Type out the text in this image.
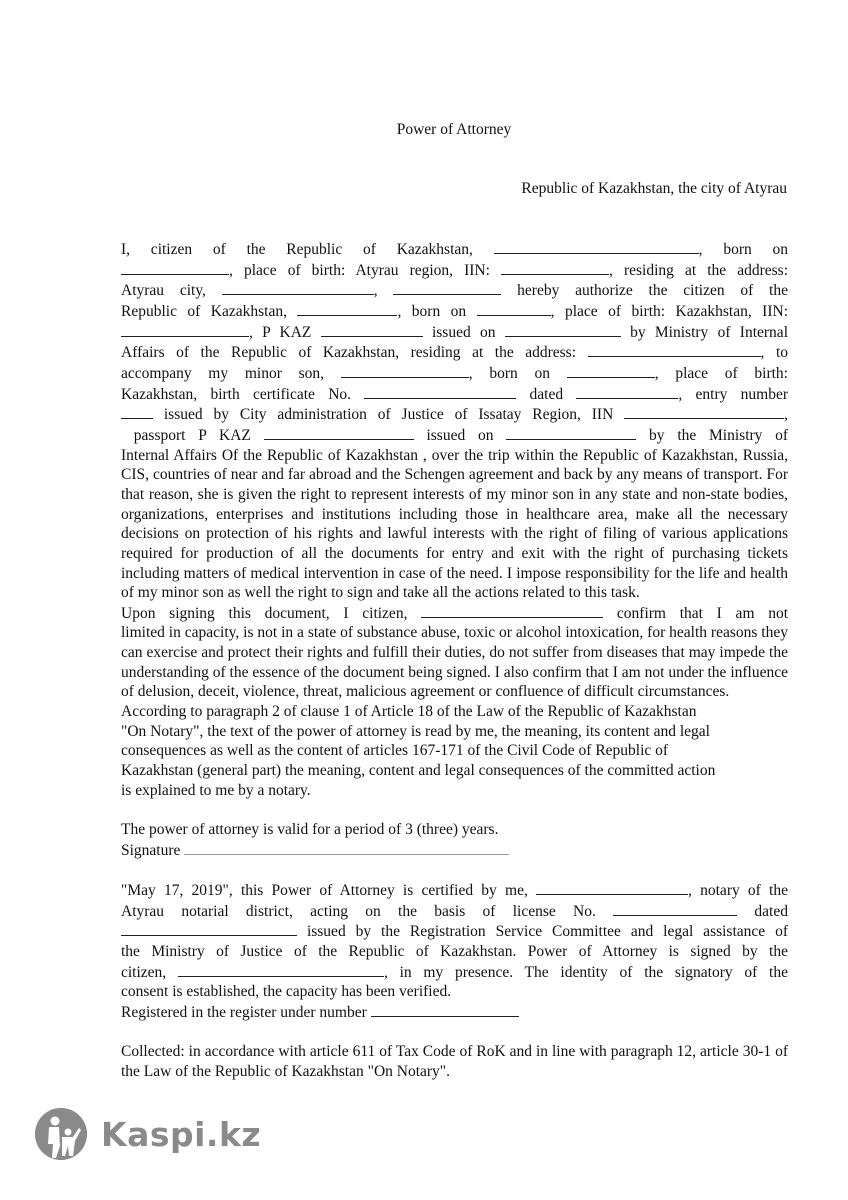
Power of Attorney
Republic of Kazakhstan, the city of Atyrau
I, citizen of the Republic of Kazakhstan,	, born on
, place of birth: Atyrau region, IIN:	, residing at the address:
Atyrau city,	,	hereby authorize the citizen of the
Republic of Kazakhstan,	, born on	, place of birth: Kazakhstan, IIN:
, P KAZ	issued on	by Ministry of Internal
Affairs of the Republic of Kazakhstan, residing at the address:	, to
accompany my minor son,	, born on	, place of birth:
Kazakhstan, birth certificate No.	dated	, entry number
issued by City administration of Justice of Issatay Region, IIN	,
passport P KAZ	issued on	by the Ministry of
Internal Affairs Of the Republic of Kazakhstan , over the trip within the Republic of Kazakhstan, Russia, CIS, countries of near and far abroad and the Schengen agreement and back by any means of transport. For that reason, she is given the right to represent interests of my minor son in any state and non-state bodies, organizations, enterprises and institutions including those in healthcare area, make all the necessary decisions on protection of his rights and lawful interests with the right of filing of various applications required for production of all the documents for entry and exit with the right of purchasing tickets including matters of medical intervention in case of the need. I impose responsibility for the life and health of my minor son as well the right to sign and take all the actions related to this task.
Upon signing this document, I citizen,	confirm that I am not
limited in capacity, is not in a state of substance abuse, toxic or alcohol intoxication, for health reasons they can exercise and protect their rights and fulfill their duties, do not suffer from diseases that may impede the understanding of the essence of the document being signed. I also confirm that I am not under the influence of delusion, deceit, violence, threat, malicious agreement or confluence of difficult circumstances.
According to paragraph 2 of clause 1 of Article 18 of the Law of the Republic of Kazakhstan
"On Notary", the text of the power of attorney is read by me, the meaning, its content and legal
consequences as well as the content of articles 167-171 of the Civil Code of Republic of
Kazakhstan (general part) the meaning, content and legal consequences of the committed action
is explained to me by a notary.

The power of attorney is valid for a period of 3 (three) years.
Signature

"May 17, 2019", this Power of Attorney is certified by me,	, notary of the
Atyrau notarial district, acting on the basis of license No.	dated
issued by the Registration Service Committee and legal assistance of
the Ministry of Justice of the Republic of Kazakhstan. Power of Attorney is signed by the
citizen,	, in my presence. The identity of the signatory of the
consent is established, the capacity has been verified.
Registered in the register under number

Collected: in accordance with article 611 of Tax Code of RoK and in line with paragraph 12, article 30-1 of the Law of the Republic of Kazakhstan "On Notary".
Kaspi.kz
